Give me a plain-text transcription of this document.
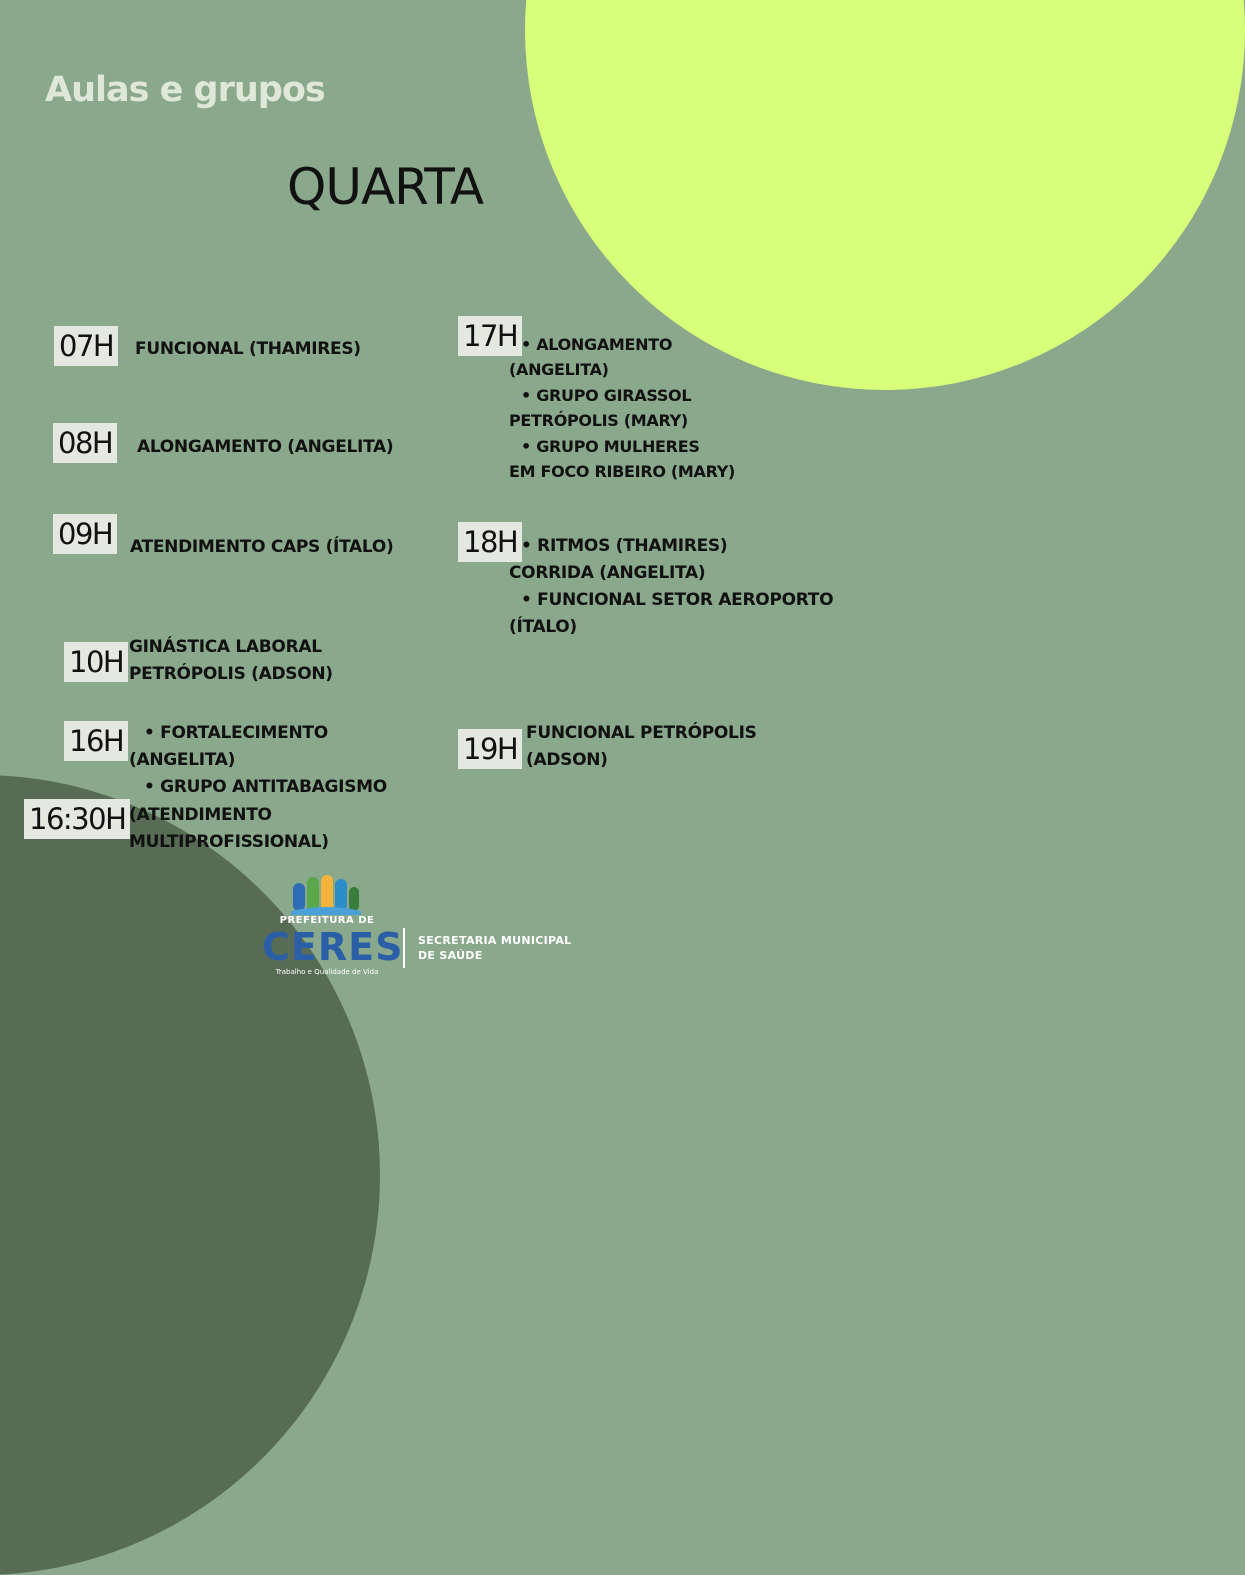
Aulas e grupos
QUARTA
07H FUNCIONAL (THAMIRES)
08H ALONGAMENTO (ANGELITA)
09H ATENDIMENTO CAPS (ÍTALO)
10H GINÁSTICA LABORAL
PETRÓPOLIS (ADSON)
16H	• FORTALECIMENTO
(ANGELITA)
• GRUPO ANTITABAGISMO
16:30H (ATENDIMENTO
MULTIPROFISSIONAL)
17H • ALONGAMENTO
(ANGELITA)
• GRUPO GIRASSOL
PETRÓPOLIS (MARY)
• GRUPO MULHERES
EM FOCO RIBEIRO (MARY)
18H • RITMOS (THAMIRES)
CORRIDA (ANGELITA)
• FUNCIONAL SETOR AEROPORTO
(ÍTALO)
19H FUNCIONAL PETRÓPOLIS
(ADSON)
PREFEITURA DE
CERES
Trabalho e Qualidade de Vida
SECRETARIA MUNICIPAL
DE SAÚDE
